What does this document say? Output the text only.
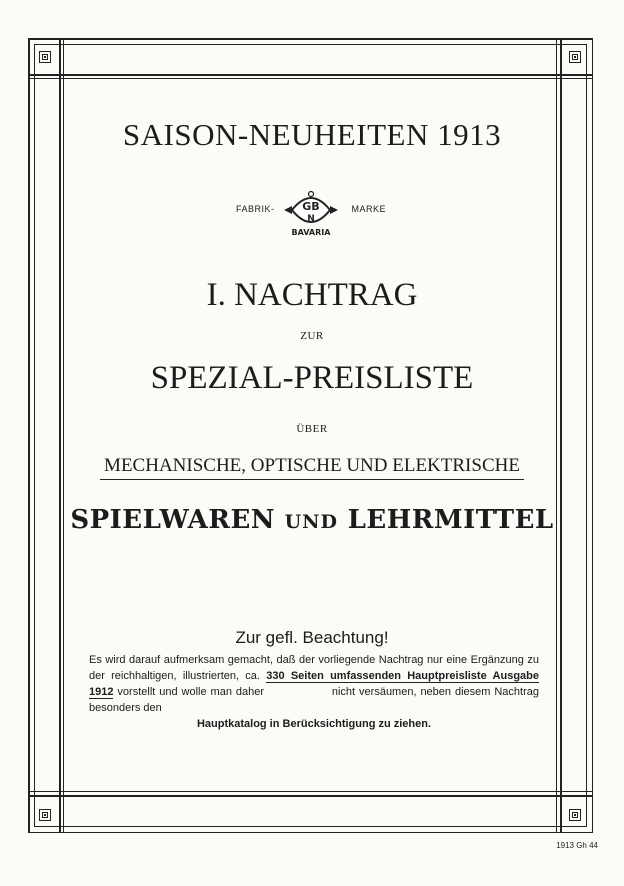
SAISON-NEUHEITEN 1913
FABRIK-	MARKE
GB
N
BAVARIA
I. NACHTRAG
ZUR
SPEZIAL-PREISLISTE
ÜBER
MECHANISCHE, OPTISCHE UND ELEKTRISCHE
SPIELWAREN UND LEHRMITTEL
Zur gefl. Beachtung!
Es wird darauf aufmerksam gemacht, daß der vorliegende Nachtrag nur eine Ergänzung zu der reichhaltigen, illustrierten, ca. 330 Seiten umfassenden Hauptpreisliste Ausgabe 1912 vorstellt und wolle man daher	nicht versäumen, neben diesem Nachtrag besonders den
Hauptkatalog in Berücksichtigung zu ziehen.
1913 Gh 44
